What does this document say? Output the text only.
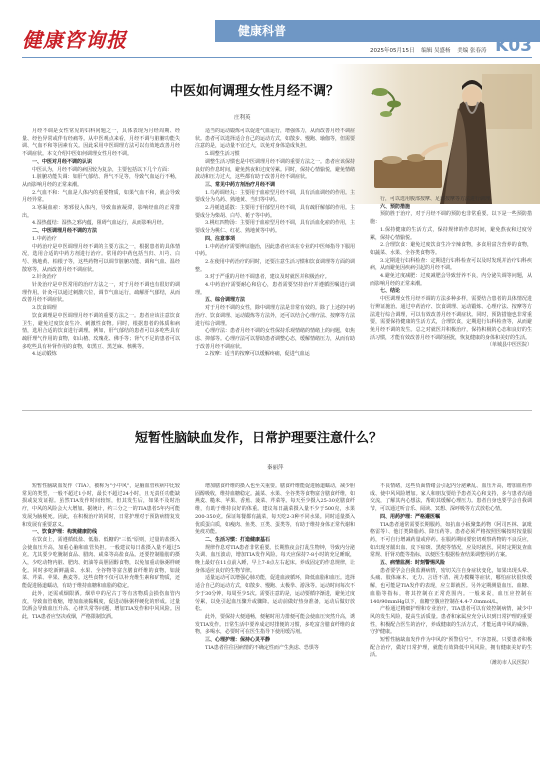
健康咨询报	健康科普
2025年05月15日 编辑 吴盛杨 美编 张春涛 K03
中医如何调理女性月经不调？
庄利英

月经不调是女性常见的妇科问题之一，具体表现为月经周期、经量、经色异常或伴有经痛等。从中医观点来看，月经不调与脏腑功能失调、气血不和等因素有关。因此采用中医调理方法可以有效地改善月经不调症状。本文介绍中医如何调理女性月经不调。

一、中医对月经不调的认识

中医认为，月经不调的病因较为复杂，主要包括以下几个方面：

1.脏腑功能失调：如肝气郁结、肾气不足等，导致气血运行不畅，从而影响月经的正常来潮。

2.气血不和：气血是人体内的重要物质，如果气血不和，就会导致月经异常。

3.寒凝血瘀：寒邪侵入体内，导致血液凝滞，影响经血的正常排出。

4.湿热蕴结：湿热之邪内蕴，阻碍气血运行，从而影响月经。

二、中医调理月经不调的方法

1.中药治疗

中药治疗是中医调理月经不调的主要方法之一，根据患者的具体情况，选用合适的中药方剂进行治疗。常用的中药包括当归、川芎、白芍、熟地黄、柏根子等，这些药物可以调节脏腑功能、调和气血、温经散寒等，从而改善月经不调症状。

2.针灸治疗

针灸治疗是中医常用的治疗方法之一，对于月经不调也有很好的调理作用。针灸可以通过刺激穴位，调节气血运行，疏解肝气郁结，从而改善月经不调症状。

3.饮食调理

饮食调理是中医调理月经不调的重要方法之一。患者应该注意饮食卫生，避免过度饮食生冷、刺激性食物。同时，根据患者的体质和病情，选用合适的饮食进行调理。例如，肝气郁结的患者可以多吃些具有疏肝理气作用的食物，如山楂、玫瑰花、佛手等；肾气不足的患者可以多吃些具有补肾作用的食物，如黑豆、黑芝麻、核桃等。

4.运动锻炼

适当的运动锻炼可以促进气血运行，增强体力，从而改善月经不调症状。患者可以选择适合自己的运动方式，如散步、慢跑、瑜伽等，但需要注意的是，运动量不宜过大，以免对身体造成负担。

5.调整生活习惯

调整生活习惯也是中医调理月经不调的重要方法之一。患者应该保持良好的作息时间，避免熬夜和过度劳累。同时，保持心情愉悦，避免情绪波动和压力过大，这些都有助于改善月经不调症状。

三、常见中药方剂治疗月经不调

1.乌药调经丸：主要用于血瘀型月经不调，具有活血调经的作用。主要成分为乌药、熟地黄、当归等中药。

2.丹栀逍遥散：主要用于肝郁型月经不调，具有疏肝解郁的作用。主要成分为柴胡、白芍、栀子等中药。

3.桃红四物汤：主要用于血瘀型月经不调，具有活血化瘀的作用，主要成分为桃仁、红花、熟地黄等中药。

四、注意事项

1.中药治疗需要辨证施治，因此患者应该在专业的中医师指导下服用中药。

2.在使用中药治疗的同时，还要注意生活习惯和饮食调理等方面的调整。

3.对于严重的月经不调患者，建议及时就医并积极治疗。

4.中药治疗需要耐心和信心，患者需要坚持治疗并遵循医嘱进行调理。

五、综合调理方法

对于月经不调的女性，除中调理方法是非常有效的。除了上述的中药治疗、饮食调理、运动锻炼等方法外，还可以结合心理疗法、按摩等方法进行综合调理。

心理疗法：患者月经不调的女性保持乐观情绪的情绪上的问题，如焦虑、抑郁等。心理疗法可以帮助患者调整心态，缓解情绪压力，从而有助于改善月经不调症状。

2.按摩：适当的按摩可以缓解疼痛，促进气血运

行，可以选用腹部按摩、足部按摩等方法进行调理。

六、预防措施

预防胜于治疗，对于月经不调的预防也非常重要。以下是一些预防措施：

1.保持健康的生活方式，保持规律的作息时间，避免熬夜和过度劳累，保持心情愉悦。

2.合理饮食：避免过度饮食生冷辛辣食物，多食用富含营养的食物，如蔬菜、水果、全谷类食物等。

3.定期进行妇科检查：定期进行妇科检查可以及时发现并治疗妇科疾病，从而避免因疾病引起的月经不调。

4.避免过度减肥：过度减肥会导致营养不良，内分泌失调等问题，从而影响月经的正常来潮。

七、结论

中医调理女性月经不调的方法多种多样，需要结合患者的具体情况进行辨证施治。通过中药治疗、饮食调理、运动锻炼、心理疗法、按摩等方法进行综合调理，可以有效改善月经不调症状。同时，预防措施也非常重要，需要保持健康的生活方式，合理饮食，定期进行妇科检查等，从而避免月经不调的发生。总之对就医并积极治疗，保持积极的心态和良好的生活习惯，才能有效改善月经不调的困扰，恢复健康的身体和美好的生活。

（单城县中医医院）

短暂性脑缺血发作，日常护理要注意什么？
秦丽萍

短暂性脑缺血发作（TIA），被称为"小中风"，是脑血管疾病中比较常见的类型，一般不超过1小时，最长不超过24小时，且无责任功能缺损或复发证据。虽然TIA发作时间较短，但其发生后，如果不及时治疗，中风的风险会大大增加。据统计，约三分之一的TIA患者5年内可能发展为脑梗死。因此，在积极治疗的同时，日常护理对于预防病情复发和发展有重要意义。

一、饮食护理：构筑健康防线

在饮食上，需遵循低盐、低脂、低糖的"三低"原则，过量的盐摄入会使血压升高，加重心脑和血管负担。一般建议每日盐摄入量不超过5克。尤其要少吃腌制食品、腊肉、咸菜等高盐食品。还要控制脂肪的摄入，少吃动物内脏、肥肉、奶油等高胆固醇食物，以免加重动脉粥样硬化。同时多吃新鲜蔬菜、水果、全谷物等富含膳食纤维的食物，如菠菜、芹菜、苹果、燕麦等。这些食物不仅可以补充维生素和矿物质，还能促进肠道蠕动，有助于维持血糖和血脂的稳定。

此外，还需戒烟限酒。烟草中的尼古丁等有害物质会损伤血管内皮，导致血管收缩，增加血液黏稠度，促进动脉粥样硬化的形成。过量饮酒会导致血压升高、心律失常等问题，增加TIA发作和中风风险。因此，TIA患者应坚决戒烟，严格限制饮酒。

增加膳食纤维的摄入也至关重要。膳食纤维能促进肠道蠕动，减少胆固醇吸收，维持血糖稳定。蔬菜、水果、全谷类等食物富含膳食纤维，如燕麦、糙米、苹果、香蕉、菠菜、芹菜等。每天至少摄入25-30克膳食纤维，有助于维持良好的体重。建议每日蔬菜摄入量不少于500克，水果200-350克。保证每餐都有蔬菜，每天吃2-3种不同水果。同时适量摄入优质蛋白质，如瘦肉、鱼类、豆类、蛋类等，有助于维持身体正常代谢和免疫功能。

二、生活习惯：打造健康基石

规律作息对TIA患者非常重要。长期熬夜会打乱生物钟，导致内分泌失调、血压波动，增加TIA发作风险。每天应保持7-8小时的充足睡眠，晚上最好在11点前入睡，早上7-8点左右起床。养成固定的作息规律，让身体适应良好的生物节律。

适量运动可以增强心肺功能，促进血液循环，降低血脂和血压。选择适合自己的运动方式，如散步、慢跑、太极拳、游泳等。运动时间每次不少于30分钟，每周至少5次。需要注意的是，运动要循序渐进，避免过度劳累，以免引起血压骤升或骤降。运动前做好热身准备，运动后做好放松。

此外，要保持大便通畅，便秘时用力排便可能会使血压突然升高，诱发TIA发作。日常生活中要养成定时排便的习惯，多吃富含膳食纤维的食物，多喝水，必要时可在医生指导下使用缓泻剂。

三、心理护理：保持心灵平静

TIA患者往往因病情的不确定性而产生焦虑、恐惧等

不良情绪，这些负面情绪会引起内分泌紊乱、血压升高，增加血栓形成、使中风风险增加。家人和朋友要给予患者关心和支持，多与患者沟通交流，了解其内心想法，帮助其缓解心理压力。患者自身也要学会自我调节，可以通过听音乐、阅读、冥想、深呼吸等方式放松心情。

四、用药护理：严格遵医嘱

TIA患者通常需要长期服药，如抗血小板聚集药物（阿司匹林、氯吡格雷等）、他汀类降脂药、降压药等。患者必须严格按照医嘱按时按量服药，不可自行增减药量或停药。在服药期间要密切观察药物的不良反应，如出现牙龈出血、皮下瘀斑、黑便等情况，应及时就医。同时定期复查血常规、肝肾功能等指标，以便医生根据检查结果调整用药方案。

五、病情监测：时刻警惕风险

患者要学会自我监测病情，密切关注自身症状变化，如果出现头晕、头痛、肢体麻木、无力、言语不清、视力模糊等症状，哪怕症状很快缓解，也可能是TIA发作的表现，应立即就医。另外定期测量血压、血糖、血脂等指标，将其控制在正常范围内。一般来说，血压应控制在140/90mmHg以下，血糖空腹应控制在4.4-7.0mmol/L。

产检通过精细护理和专业治疗，TIA患者可以有效控制病情，减少中风的发生风险，提高生活质量。患者和家属应充分认识到日常护理的重要性，积极配合医生的治疗，养成健康的生活方式，才能远离中风的威胁，守护健康。

短暂性脑缺血发作作为中风的"预警信号"，不容忽视。只要患者积极配合治疗，做好日常护理，就能有效降低中风风险，拥有健康美好的生活。

（潍坊市人民医院）
